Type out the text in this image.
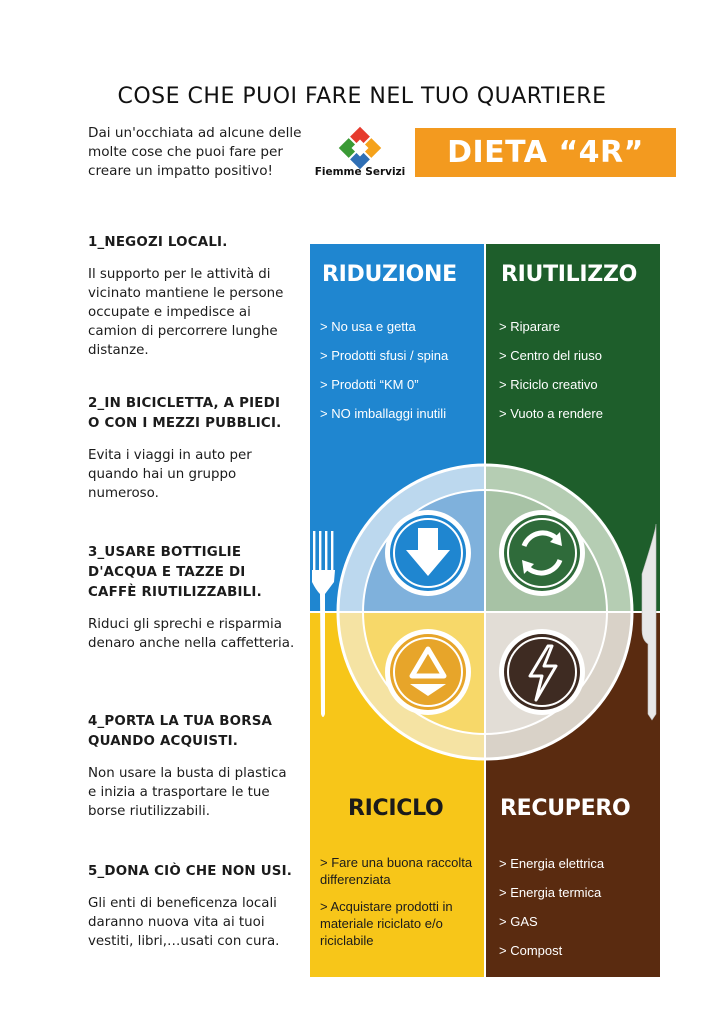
COSE CHE PUOI FARE NEL TUO QUARTIERE
Dai un'occhiata ad alcune delle molte cose che puoi fare per creare un impatto positivo!	Fiemme Servizi
DIETA “4R”
1_NEGOZI LOCALI.

Il supporto per le attività di vicinato mantiene le persone occupate e impedisce ai camion di percorrere lunghe distanze.

2_IN BICICLETTA, A PIEDI O CON I MEZZI PUBBLICI.

Evita i viaggi in auto per quando hai un gruppo numeroso.

3_USARE BOTTIGLIE D'ACQUA E TAZZE DI CAFFÈ RIUTILIZZABILI.

Riduci gli sprechi e risparmia denaro anche nella caffetteria.

4_PORTA LA TUA BORSA QUANDO ACQUISTI.

Non usare la busta di plastica e inizia a trasportare le tue borse riutilizzabili.

5_DONA CIÒ CHE NON USI.

Gli enti di beneficenza locali daranno nuova vita ai tuoi vestiti, libri,…usati con cura.

RIDUZIONE RIUTILIZZO
RICICLO	RECUPERO
> No usa e getta
> Prodotti sfusi / spina
> Prodotti “KM 0”
> NO imballaggi inutili
> Riparare
> Centro del riuso
> Riciclo creativo
> Vuoto a rendere
> Fare una buona raccolta differenziata
> Acquistare prodotti in materiale riciclato e/o riciclabile
> Energia elettrica
> Energia termica
> GAS
> Compost
